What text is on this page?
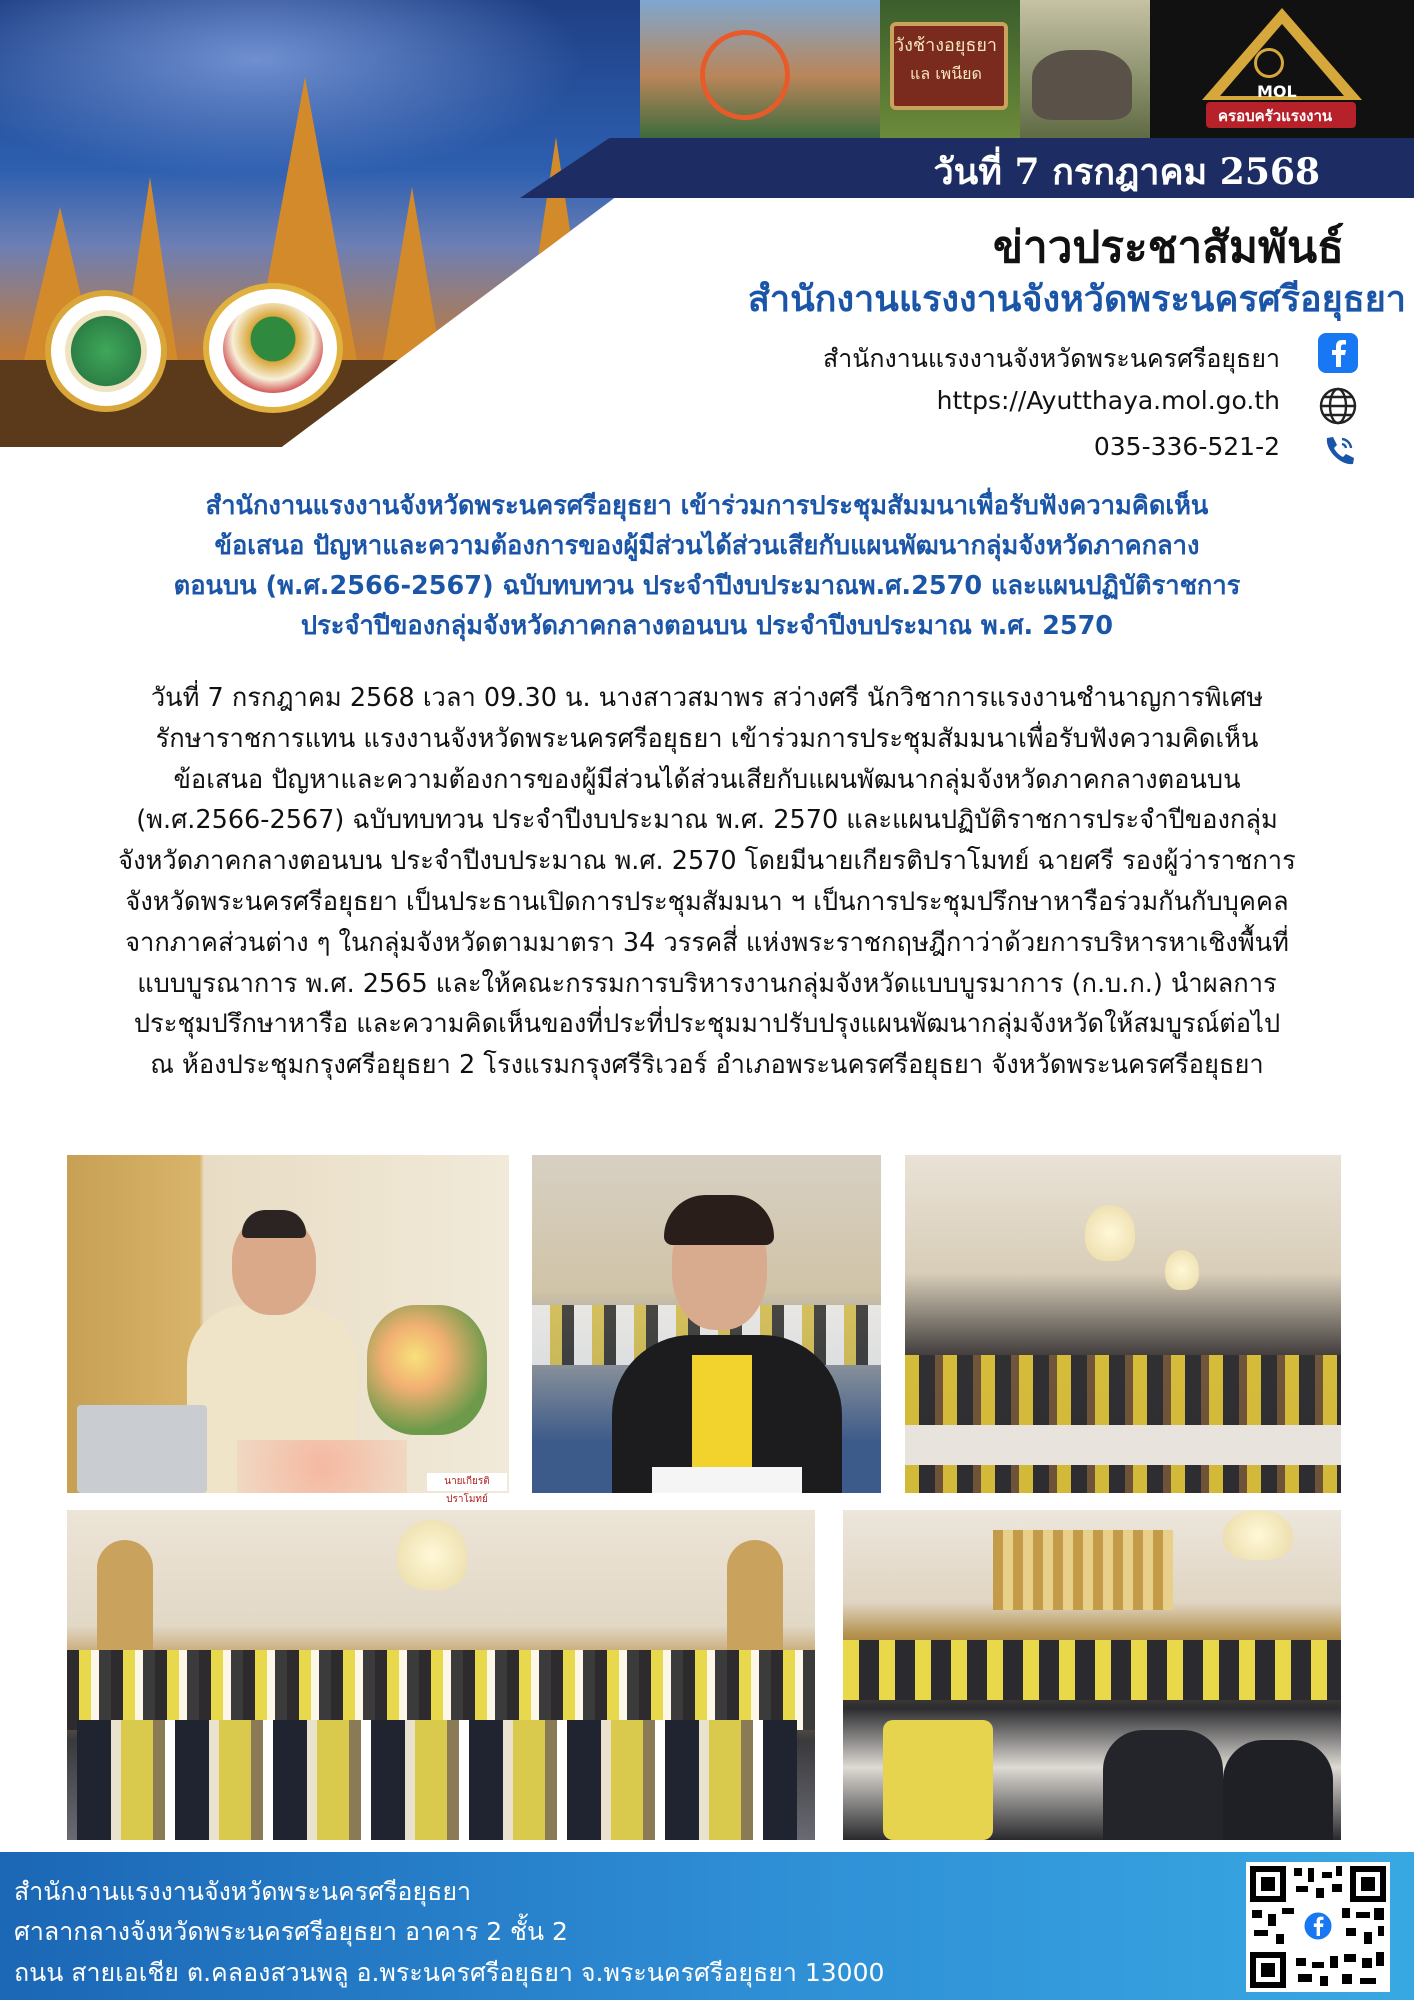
วังช้างอยุธยา
แล เพนียด
MOL
ครอบครัวแรงงาน
วันที่ 7 กรกฎาคม 2568
ข่าวประชาสัมพันธ์
สำนักงานแรงงานจังหวัดพระนครศรีอยุธยา
สำนักงานแรงงานจังหวัดพระนครศรีอยุธยา
https://Ayutthaya.mol.go.th
035-336-521-2
สำนักงานแรงงานจังหวัดพระนครศรีอยุธยา เข้าร่วมการประชุมสัมมนาเพื่อรับฟังความคิดเห็น
ข้อเสนอ ปัญหาและความต้องการของผู้มีส่วนได้ส่วนเสียกับแผนพัฒนากลุ่มจังหวัดภาคกลาง
ตอนบน (พ.ศ.2566-2567) ฉบับทบทวน ประจำปีงบประมาณพ.ศ.2570 และแผนปฏิบัติราชการ
ประจำปีของกลุ่มจังหวัดภาคกลางตอนบน ประจำปีงบประมาณ พ.ศ. 2570
วันที่ 7 กรกฎาคม 2568 เวลา 09.30 น. นางสาวสมาพร สว่างศรี นักวิชาการแรงงานชำนาญการพิเศษ
รักษาราชการแทน แรงงานจังหวัดพระนครศรีอยุธยา เข้าร่วมการประชุมสัมมนาเพื่อรับฟังความคิดเห็น
ข้อเสนอ ปัญหาและความต้องการของผู้มีส่วนได้ส่วนเสียกับแผนพัฒนากลุ่มจังหวัดภาคกลางตอนบน
(พ.ศ.2566-2567) ฉบับทบทวน ประจำปีงบประมาณ พ.ศ. 2570 และแผนปฏิบัติราชการประจำปีของกลุ่ม
จังหวัดภาคกลางตอนบน ประจำปีงบประมาณ พ.ศ. 2570 โดยมีนายเกียรติปราโมทย์ ฉายศรี รองผู้ว่าราชการ
จังหวัดพระนครศรีอยุธยา เป็นประธานเปิดการประชุมสัมมนา ฯ เป็นการประชุมปรึกษาหารือร่วมกันกับบุคคล
จากภาคส่วนต่าง ๆ ในกลุ่มจังหวัดตามมาตรา 34 วรรคสี่ แห่งพระราชกฤษฎีกาว่าด้วยการบริหารหาเชิงพื้นที่
แบบบูรณาการ พ.ศ. 2565 และให้คณะกรรมการบริหารงานกลุ่มจังหวัดแบบบูรมาการ (ก.บ.ก.) นำผลการ
ประชุมปรึกษาหารือ และความคิดเห็นของที่ประที่ประชุมมาปรับปรุงแผนพัฒนากลุ่มจังหวัดให้สมบูรณ์ต่อไป
ณ ห้องประชุมกรุงศรีอยุธยา 2 โรงแรมกรุงศรีริเวอร์ อำเภอพระนครศรีอยุธยา จังหวัดพระนครศรีอยุธยา
นายเกียรติปราโมทย์
สำนักงานแรงงานจังหวัดพระนครศรีอยุธยา
ศาลากลางจังหวัดพระนครศรีอยุธยา อาคาร 2 ชั้น 2
ถนน สายเอเชีย ต.คลองสวนพลู อ.พระนครศรีอยุธยา จ.พระนครศรีอยุธยา 13000
